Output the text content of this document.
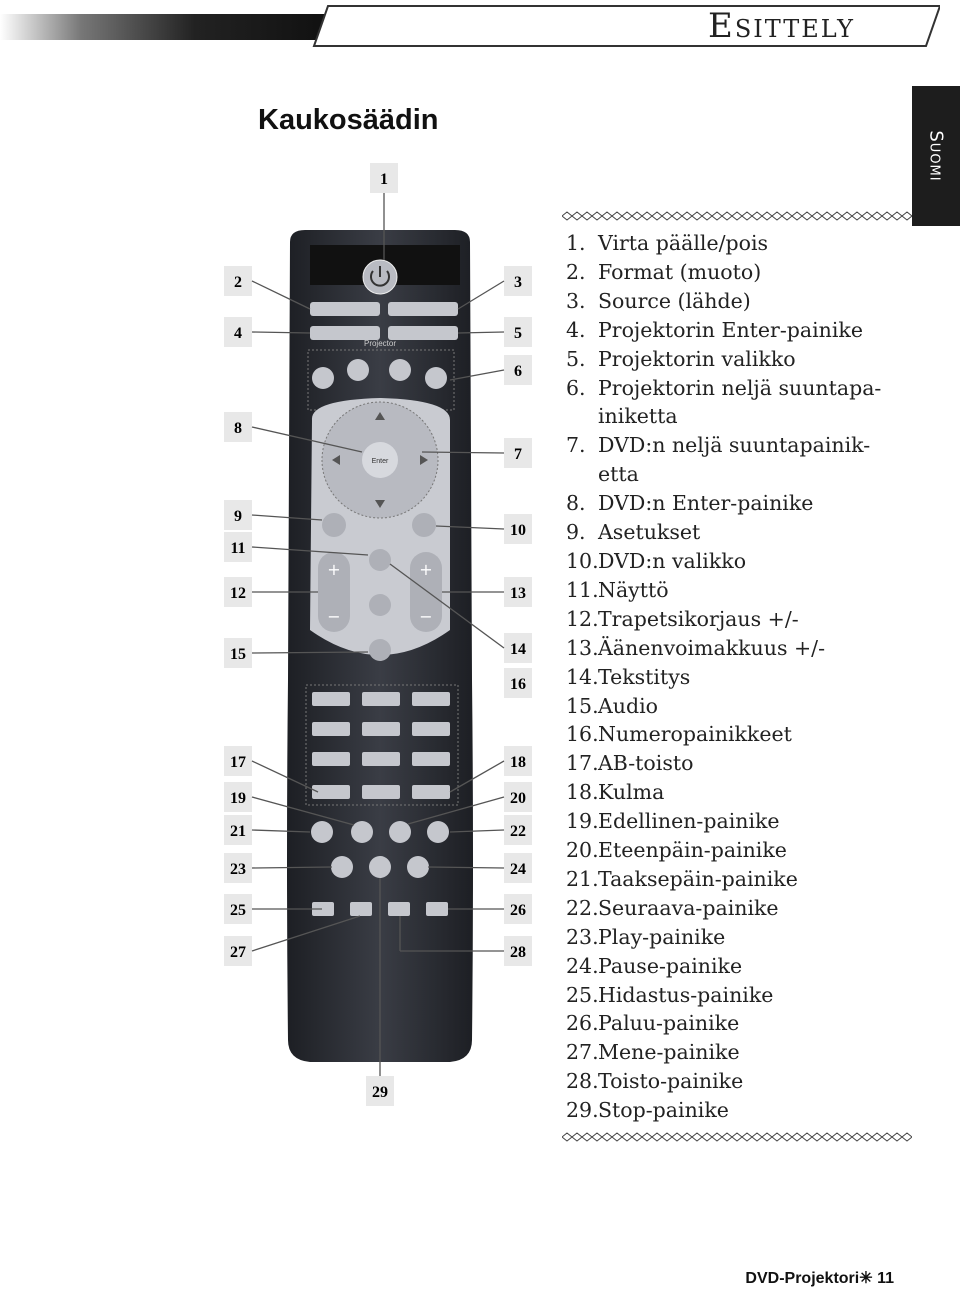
Esittely
Suomi
Kaukosäädin
Projector
Enter
+
−
+
−
1
2
4
8
9
11
12
15
17
19
21
23
25
27
29
3
5
6
7
10
13
14
16
18
20
22
24
26
28
1. Virta päälle/pois
2. Format (muoto)
3. Source (lähde)
4. Projektorin Enter-painike
5. Projektorin valikko
6. Projektorin neljä suuntapa-
iniketta
7. DVD:n neljä suuntapainik-
etta
8. DVD:n Enter-painike
9. Asetukset
10. DVD:n valikko
11. Näyttö
12. Trapetsikorjaus +/-
13. Äänenvoimakkuus +/-
14. Tekstitys
15. Audio
16. Numeropainikkeet
17. AB-toisto
18. Kulma
19. Edellinen-painike
20. Eteenpäin-painike
21. Taaksepäin-painike
22. Seuraava-painike
23. Play-painike
24. Pause-painike
25. Hidastus-painike
26. Paluu-painike
27. Mene-painike
28. Toisto-painike
29. Stop-painike
DVD-Projektori✳ 11
